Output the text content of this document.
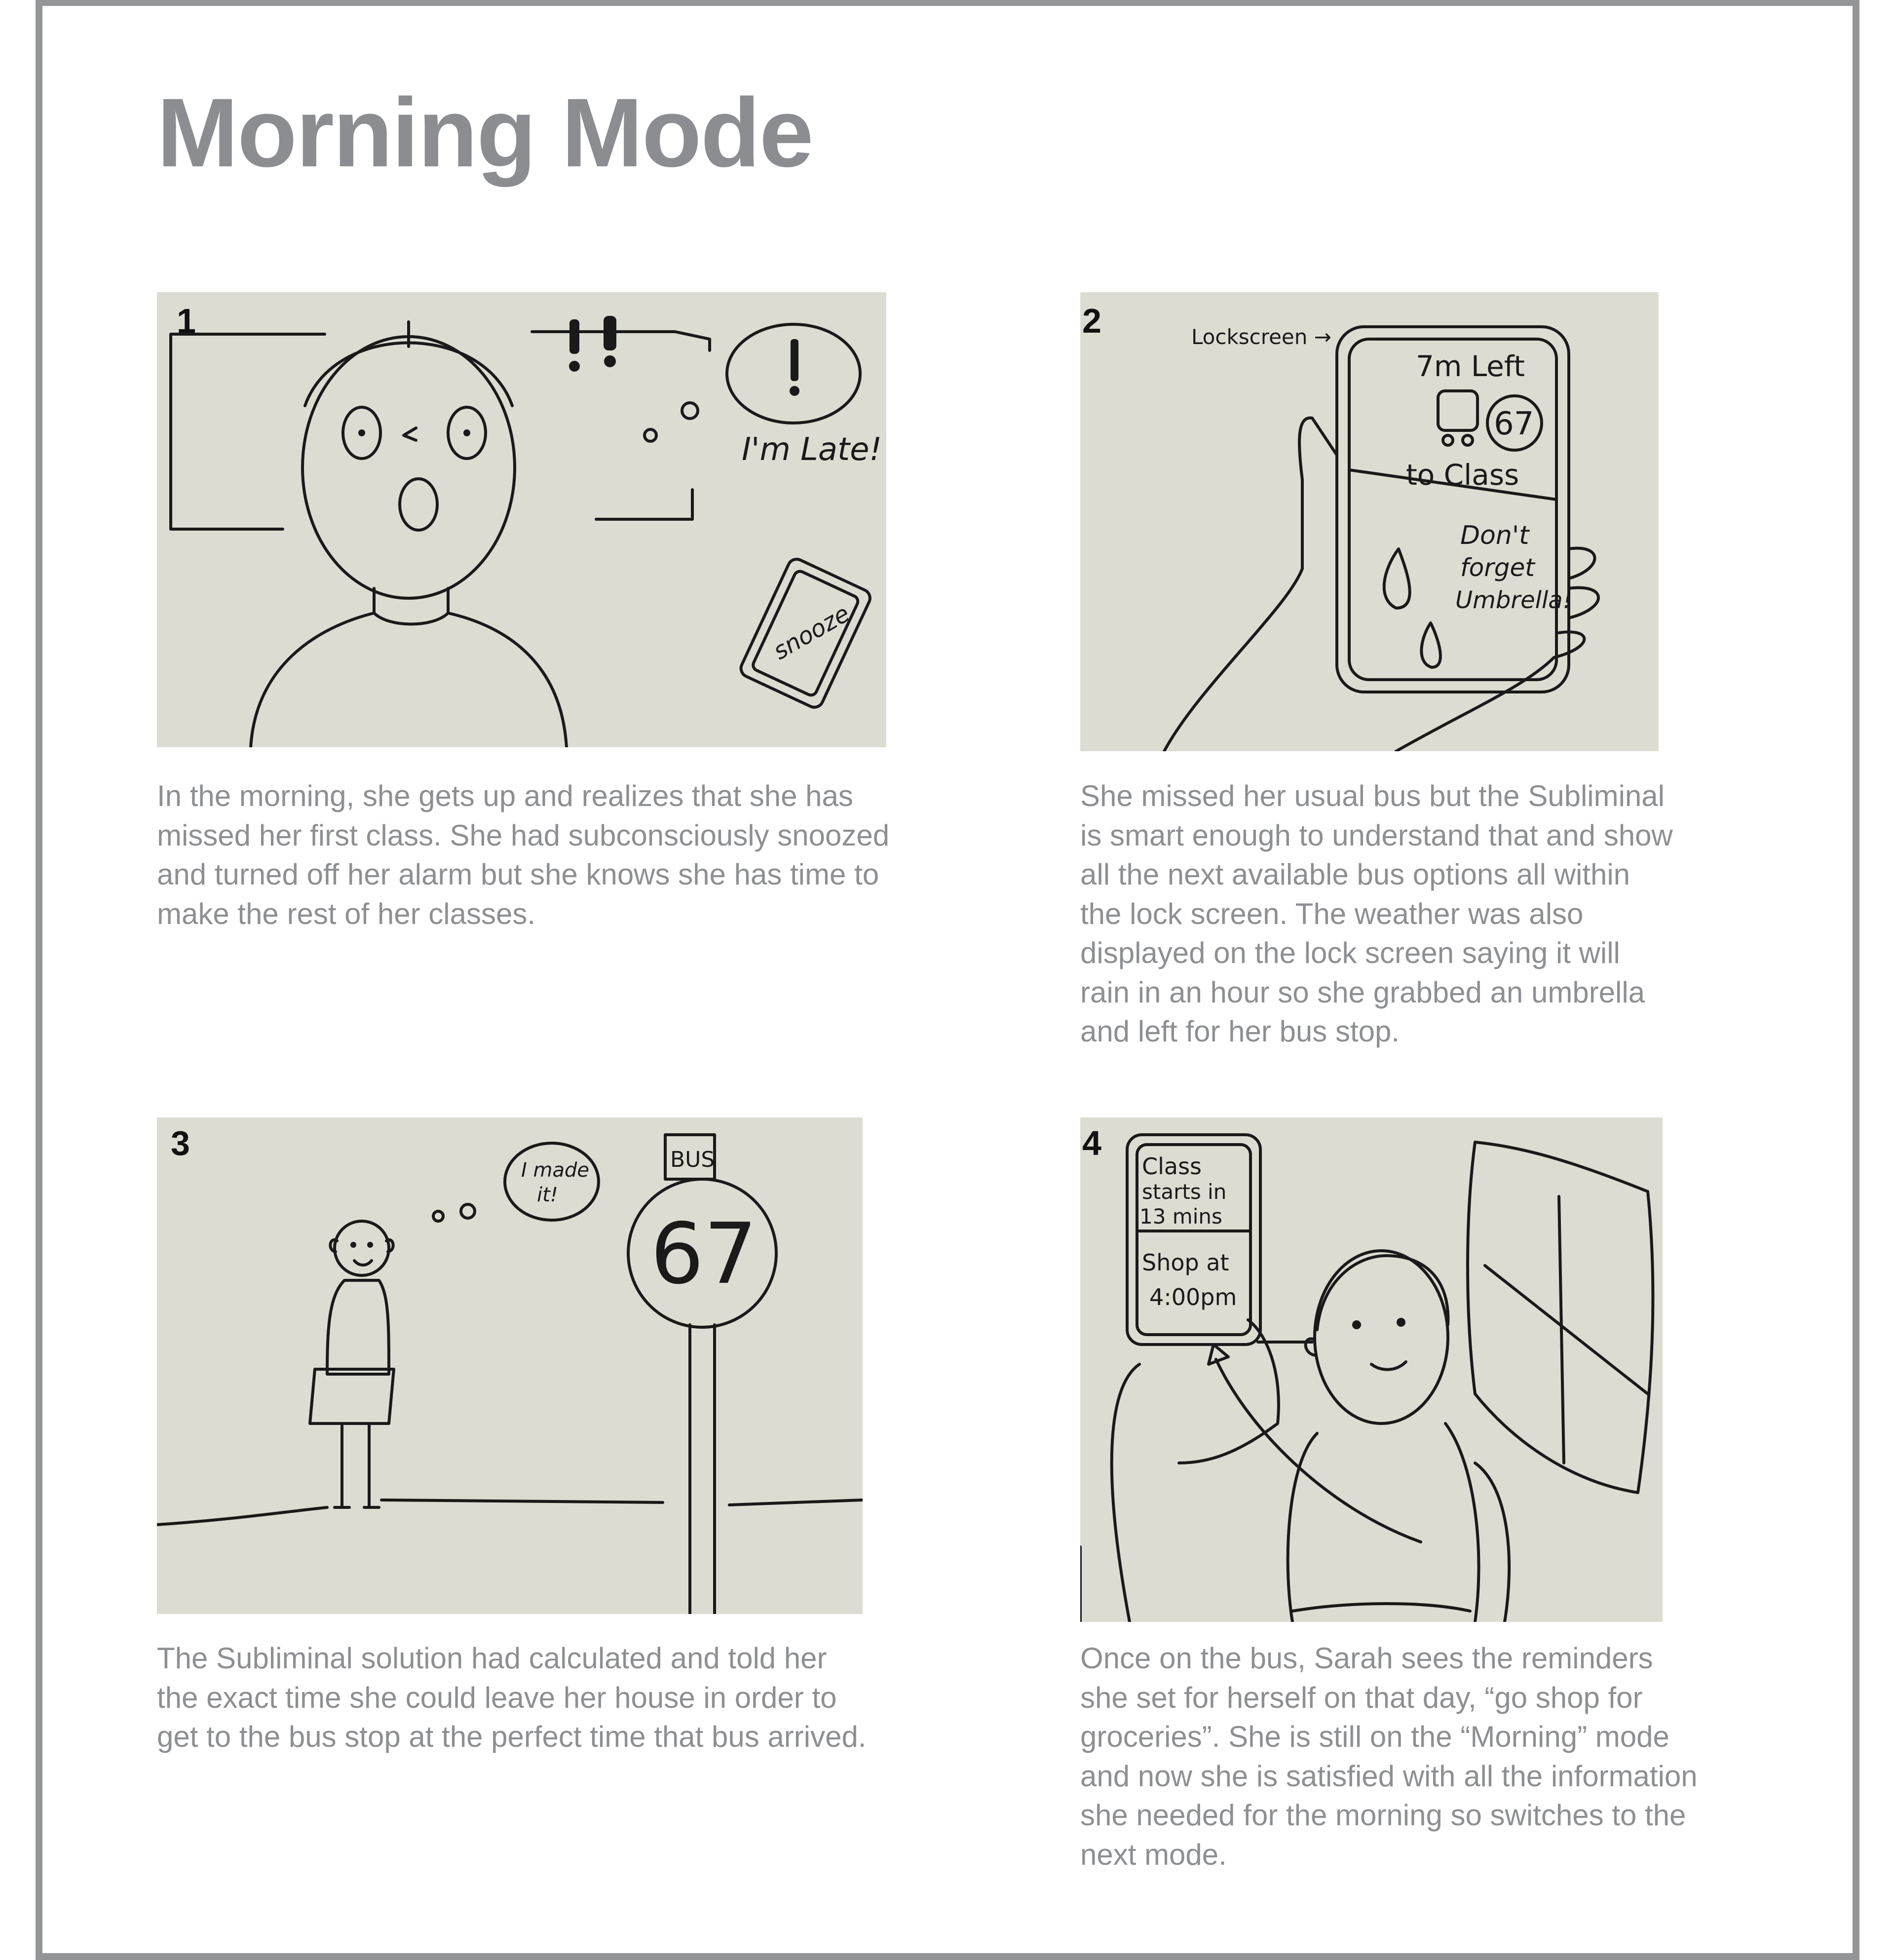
Morning Mode
1
I'm Late!
snooze
2	Lockscreen →
7m Left
67
to Class
Don't
forget
Umbrella!
3
I made
it!
BUS
67
4
Class
starts in
13 mins
Shop at
4:00pm

In the morning, she gets up and realizes that she has
missed her first class. She had subconsciously snoozed
and turned off her alarm but she knows she has time to
make the rest of her classes.

She missed her usual bus but the Subliminal
is smart enough to understand that and show
all the next available bus options all within
the lock screen. The weather was also
displayed on the lock screen saying it will
rain in an hour so she grabbed an umbrella
and left for her bus stop.

The Subliminal solution had calculated and told her
the exact time she could leave her house in order to
get to the bus stop at the perfect time that bus arrived.

Once on the bus, Sarah sees the reminders
she set for herself on that day, “go shop for
groceries”. She is still on the “Morning” mode
and now she is satisfied with all the information
she needed for the morning so switches to the
next mode.
